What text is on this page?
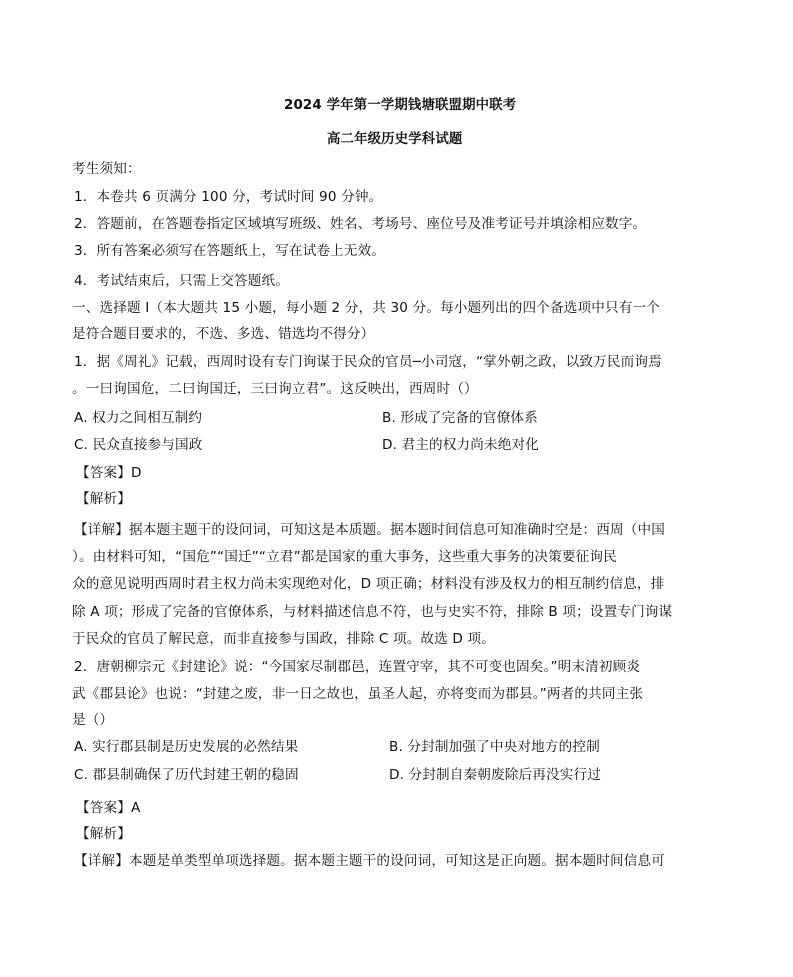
2024 学年第一学期钱塘联盟期中联考
高二年级历史学科试题
考生须知：
1．本卷共 6 页满分 100 分，考试时间 90 分钟。
2．答题前，在答题卷指定区域填写班级、姓名、考场号、座位号及准考证号并填涂相应数字。
3．所有答案必须写在答题纸上，写在试卷上无效。
4．考试结束后，只需上交答题纸。
一、选择题 I（本大题共 15 小题，每小题 2 分，共 30 分。每小题列出的四个备选项中只有一个
是符合题目要求的，不选、多选、错选均不得分）
1．据《周礼》记载，西周时设有专门询谋于民众的官员─小司寇，“掌外朝之政，以致万民而询焉
。一曰询国危，二曰询国迁，三曰询立君”。这反映出，西周时（）
A. 权力之间相互制约	B. 形成了完备的官僚体系
C. 民众直接参与国政	D. 君主的权力尚未绝对化
【答案】D
【解析】
【详解】据本题主题干的设问词，可知这是本质题。据本题时间信息可知准确时空是：西周（中国
）。由材料可知，“国危”“国迁”“立君”都是国家的重大事务，这些重大事务的决策要征询民
众的意见说明西周时君主权力尚未实现绝对化，D 项正确；材料没有涉及权力的相互制约信息，排
除 A 项；形成了完备的官僚体系，与材料描述信息不符，也与史实不符，排除 B 项；设置专门询谋
于民众的官员了解民意，而非直接参与国政，排除 C 项。故选 D 项。
2．唐朝柳宗元《封建论》说：“今国家尽制郡邑，连置守宰，其不可变也固矣。”明末清初顾炎
武《郡县论》也说：“封建之废，非一日之故也，虽圣人起，亦将变而为郡县。”两者的共同主张
是（）
A. 实行郡县制是历史发展的必然结果	B. 分封制加强了中央对地方的控制
C. 郡县制确保了历代封建王朝的稳固	D. 分封制自秦朝废除后再没实行过
【答案】A
【解析】
【详解】本题是单类型单项选择题。据本题主题干的设问词，可知这是正向题。据本题时间信息可
